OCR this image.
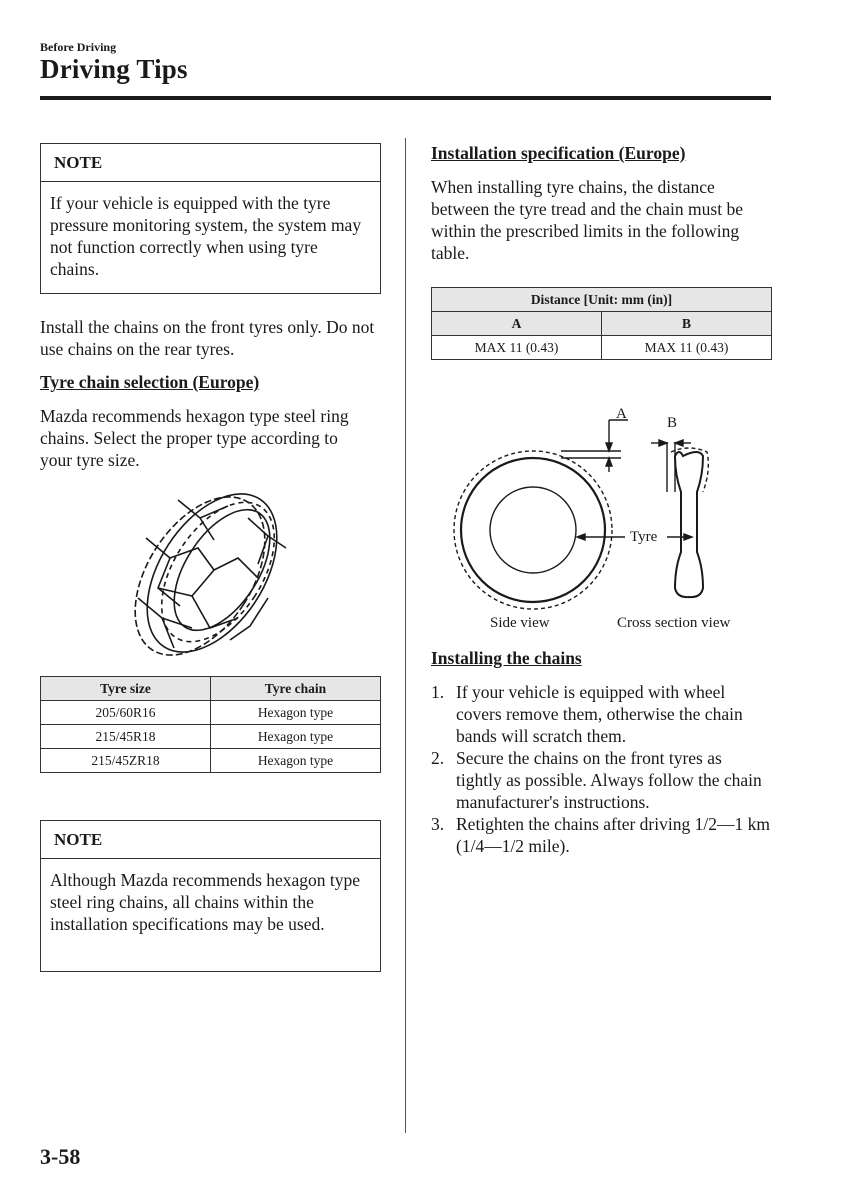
Before Driving
Driving Tips
NOTE
If your vehicle is equipped with the tyre pressure monitoring system, the system may not function correctly when using tyre chains.
Install the chains on the front tyres only. Do not use chains on the rear tyres.
Tyre chain selection (Europe)
Mazda recommends hexagon type steel ring chains. Select the proper type according to your tyre size.
Tyre size	Tyre chain
205/60R16	Hexagon type
215/45R18	Hexagon type
215/45ZR18	Hexagon type
NOTE
Although Mazda recommends hexagon type steel ring chains, all chains within the installation specifications may be used.
Installation specification (Europe)
When installing tyre chains, the distance between the tyre tread and the chain must be within the prescribed limits in the following table.
Distance [Unit: mm (in)]	
A	B
MAX 11 (0.43)	MAX 11 (0.43)
A
B
Tyre
Side view	Cross section view
Installing the chains
1. If your vehicle is equipped with wheel covers remove them, otherwise the chain bands will scratch them.
2. Secure the chains on the front tyres as tightly as possible. Always follow the chain manufacturer's instructions.
3. Retighten the chains after driving 1/2—1 km (1/4—1/2 mile).
3-58
